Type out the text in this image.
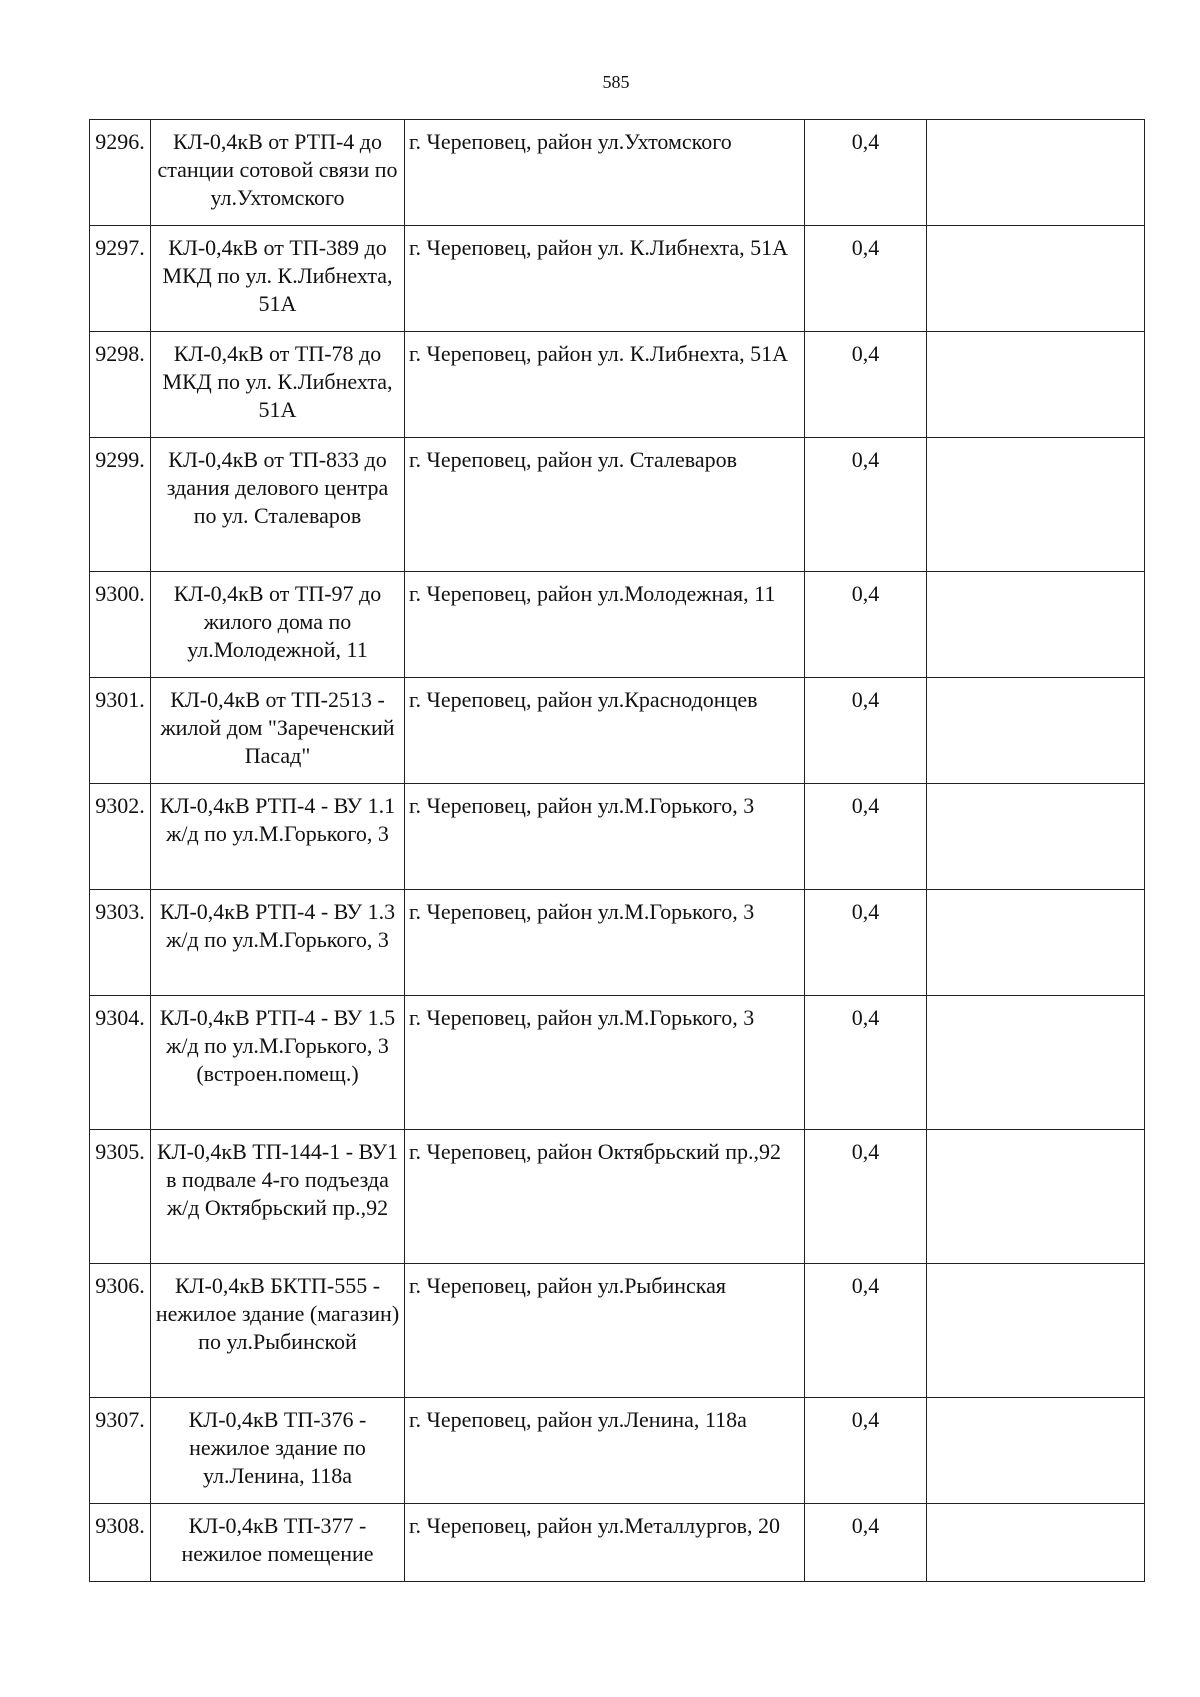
585
9296.	КЛ-0,4кВ от РТП-4 до станции сотовой связи по ул.Ухтомского	г. Череповец, район ул.Ухтомского	0,4	
9297.	КЛ-0,4кВ от ТП-389 до МКД по ул. К.Либнехта, 51А	г. Череповец, район ул. К.Либнехта, 51А	0,4	
9298.	КЛ-0,4кВ от ТП-78 до МКД по ул. К.Либнехта, 51А	г. Череповец, район ул. К.Либнехта, 51А	0,4	
9299.	КЛ-0,4кВ от ТП-833 до здания делового центра по ул. Сталеваров	г. Череповец, район ул. Сталеваров	0,4	
9300.	КЛ-0,4кВ от ТП-97 до жилого дома по ул.Молодежной, 11	г. Череповец, район ул.Молодежная, 11	0,4	
9301.	КЛ-0,4кВ от ТП-2513 - жилой дом "Зареченский Пасад"	г. Череповец, район ул.Краснодонцев	0,4	
9302.	КЛ-0,4кВ РТП-4 - ВУ 1.1 ж/д по ул.М.Горького, 3	г. Череповец, район ул.М.Горького, 3	0,4	
9303.	КЛ-0,4кВ РТП-4 - ВУ 1.3 ж/д по ул.М.Горького, 3	г. Череповец, район ул.М.Горького, 3	0,4	
9304.	КЛ-0,4кВ РТП-4 - ВУ 1.5 ж/д по ул.М.Горького, 3 (встроен.помещ.)	г. Череповец, район ул.М.Горького, 3	0,4	
9305.	КЛ-0,4кВ ТП-144-1 - ВУ1 в подвале 4-го подъезда ж/д Октябрьский пр.,92	г. Череповец, район Октябрьский пр.,92	0,4	
9306.	КЛ-0,4кВ БКТП-555 - нежилое здание (магазин) по ул.Рыбинской	г. Череповец, район ул.Рыбинская	0,4	
9307.	КЛ-0,4кВ ТП-376 - нежилое здание по ул.Ленина, 118а	г. Череповец, район ул.Ленина, 118а	0,4	
9308.	КЛ-0,4кВ ТП-377 - нежилое помещение	г. Череповец, район ул.Металлургов, 20	0,4	
